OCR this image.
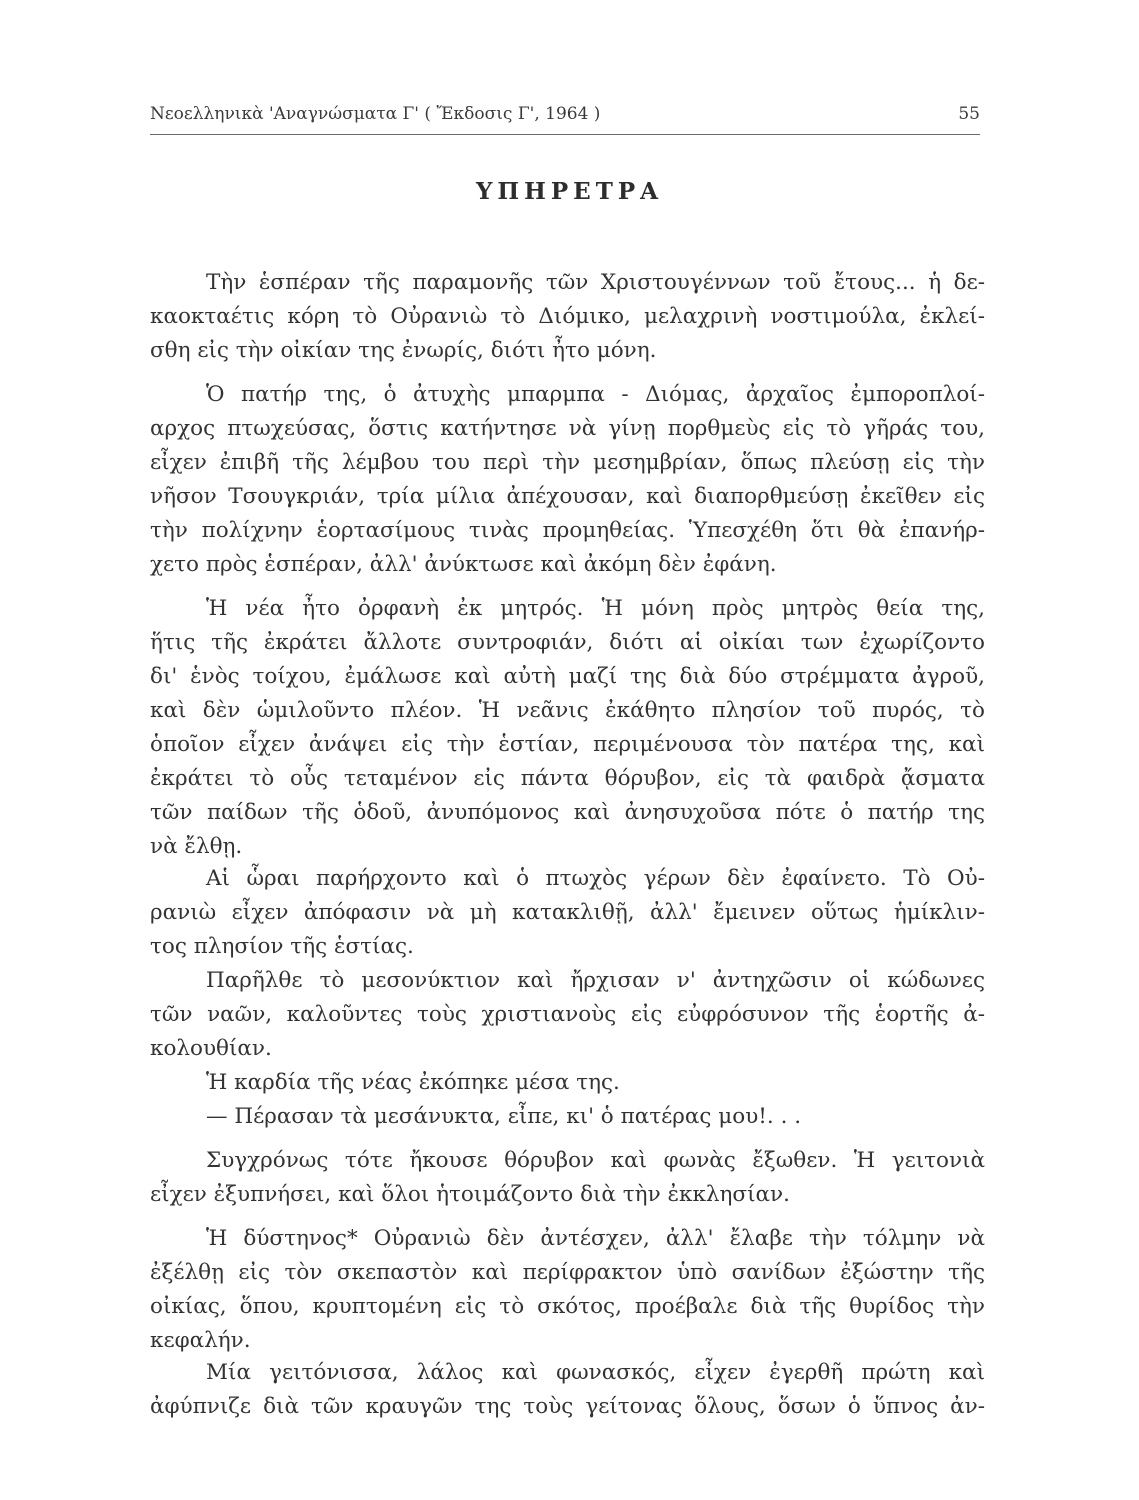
Νεοελληνικὰ 'Αναγνώσματα Γ' ( Ἔκδοσις Γ', 1964 )	55
ΥΠΗΡΕΤΡΑ
Τὴν ἑσπέραν τῆς παραμονῆς τῶν Χριστουγέννων τοῦ ἔτους... ἡ δε-
καοκταέτις κόρη τὸ Οὐρανιὼ τὸ Διόμικο, μελαχρινὴ νοστιμούλα, ἐκλεί-
σθη εἰς τὴν οἰκίαν της ἐνωρίς, διότι ἦτο μόνη.
Ὁ πατήρ της, ὁ ἀτυχὴς μπαρμπα - Διόμας, ἀρχαῖος ἐμποροπλοί-
αρχος πτωχεύσας, ὅστις κατήντησε νὰ γίνῃ πορθμεὺς εἰς τὸ γῆράς του,
εἶχεν ἐπιβῆ τῆς λέμβου του περὶ τὴν μεσημβρίαν, ὅπως πλεύσῃ εἰς τὴν
νῆσον Τσουγκριάν, τρία μίλια ἀπέχουσαν, καὶ διαπορθμεύσῃ ἐκεῖθεν εἰς
τὴν πολίχνην ἑορτασίμους τινὰς προμηθείας. Ὑπεσχέθη ὅτι θὰ ἐπανήρ-
χετο πρὸς ἑσπέραν, ἀλλ' ἀνύκτωσε καὶ ἀκόμη δὲν ἐφάνη.
Ἡ νέα ἦτο ὀρφανὴ ἐκ μητρός. Ἡ μόνη πρὸς μητρὸς θεία της,
ἥτις τῆς ἐκράτει ἄλλοτε συντροφιάν, διότι αἱ οἰκίαι των ἐχωρίζοντο
δι' ἑνὸς τοίχου, ἐμάλωσε καὶ αὐτὴ μαζί της διὰ δύο στρέμματα ἀγροῦ,
καὶ δὲν ὡμιλοῦντο πλέον. Ἡ νεᾶνις ἐκάθητο πλησίον τοῦ πυρός, τὸ
ὁποῖον εἶχεν ἀνάψει εἰς τὴν ἑστίαν, περιμένουσα τὸν πατέρα της, καὶ
ἐκράτει τὸ οὖς τεταμένον εἰς πάντα θόρυβον, εἰς τὰ φαιδρὰ ᾄσματα
τῶν παίδων τῆς ὁδοῦ, ἀνυπόμονος καὶ ἀνησυχοῦσα πότε ὁ πατήρ της
νὰ ἔλθῃ.
Αἱ ὧραι παρήρχοντο καὶ ὁ πτωχὸς γέρων δὲν ἐφαίνετο. Τὸ Οὐ-
ρανιὼ εἶχεν ἀπόφασιν νὰ μὴ κατακλιθῇ, ἀλλ' ἔμεινεν οὕτως ἡμίκλιν-
τος πλησίον τῆς ἑστίας.
Παρῆλθε τὸ μεσονύκτιον καὶ ἤρχισαν ν' ἀντηχῶσιν οἱ κώδωνες
τῶν ναῶν, καλοῦντες τοὺς χριστιανοὺς εἰς εὐφρόσυνον τῆς ἑορτῆς ἀ-
κολουθίαν.
Ἡ καρδία τῆς νέας ἐκόπηκε μέσα της.
— Πέρασαν τὰ μεσάνυκτα, εἶπε, κι' ὁ πατέρας μου!. . .
Συγχρόνως τότε ἤκουσε θόρυβον καὶ φωνὰς ἔξωθεν. Ἡ γειτονιὰ
εἶχεν ἐξυπνήσει, καὶ ὅλοι ἡτοιμάζοντο διὰ τὴν ἐκκλησίαν.
Ἡ δύστηνος* Οὐρανιὼ δὲν ἀντέσχεν, ἀλλ' ἔλαβε τὴν τόλμην νὰ
ἐξέλθῃ εἰς τὸν σκεπαστὸν καὶ περίφρακτον ὑπὸ σανίδων ἐξώστην τῆς
οἰκίας, ὅπου, κρυπτομένη εἰς τὸ σκότος, προέβαλε διὰ τῆς θυρίδος τὴν
κεφαλήν.
Μία γειτόνισσα, λάλος καὶ φωνασκός, εἶχεν ἐγερθῆ πρώτη καὶ
ἀφύπνιζε διὰ τῶν κραυγῶν της τοὺς γείτονας ὅλους, ὅσων ὁ ὕπνος ἀν-
